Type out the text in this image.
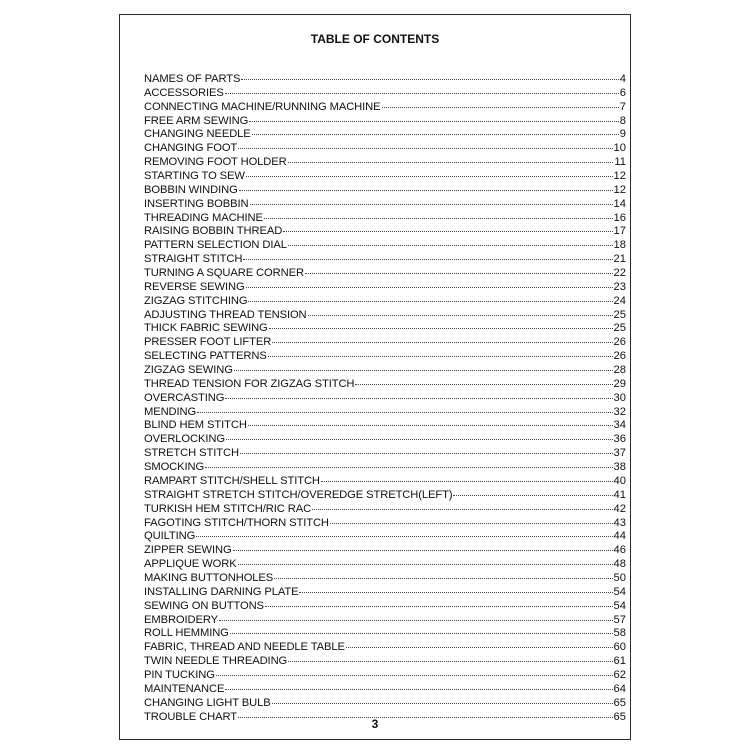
TABLE OF CONTENTS
NAMES OF PARTS	4
ACCESSORIES	6
CONNECTING MACHINE/RUNNING MACHINE	7
FREE ARM SEWING	8
CHANGING NEEDLE	9
CHANGING FOOT	10
REMOVING FOOT HOLDER	11
STARTING TO SEW	12
BOBBIN WINDING	12
INSERTING BOBBIN	14
THREADING MACHINE	16
RAISING BOBBIN THREAD	17
PATTERN SELECTION DIAL	18
STRAIGHT STITCH	21
TURNING A SQUARE CORNER	22
REVERSE SEWING	23
ZIGZAG STITCHING	24
ADJUSTING THREAD TENSION	25
THICK FABRIC SEWING	25
PRESSER FOOT LIFTER	26
SELECTING PATTERNS	26
ZIGZAG SEWING	28
THREAD TENSION FOR ZIGZAG STITCH	29
OVERCASTING	30
MENDING	32
BLIND HEM STITCH	34
OVERLOCKING	36
STRETCH STITCH	37
SMOCKING	38
RAMPART STITCH/SHELL STITCH	40
STRAIGHT STRETCH STITCH/OVEREDGE STRETCH(LEFT)	41
TURKISH HEM STITCH/RIC RAC	42
FAGOTING STITCH/THORN STITCH	43
QUILTING	44
ZIPPER SEWING	46
APPLIQUE WORK	48
MAKING BUTTONHOLES	50
INSTALLING DARNING PLATE	54
SEWING ON BUTTONS	54
EMBROIDERY	57
ROLL HEMMING	58
FABRIC, THREAD AND NEEDLE TABLE	60
TWIN NEEDLE THREADING	61
PIN TUCKING	62
MAINTENANCE	64
CHANGING LIGHT BULB	65
TROUBLE CHART	65
3
